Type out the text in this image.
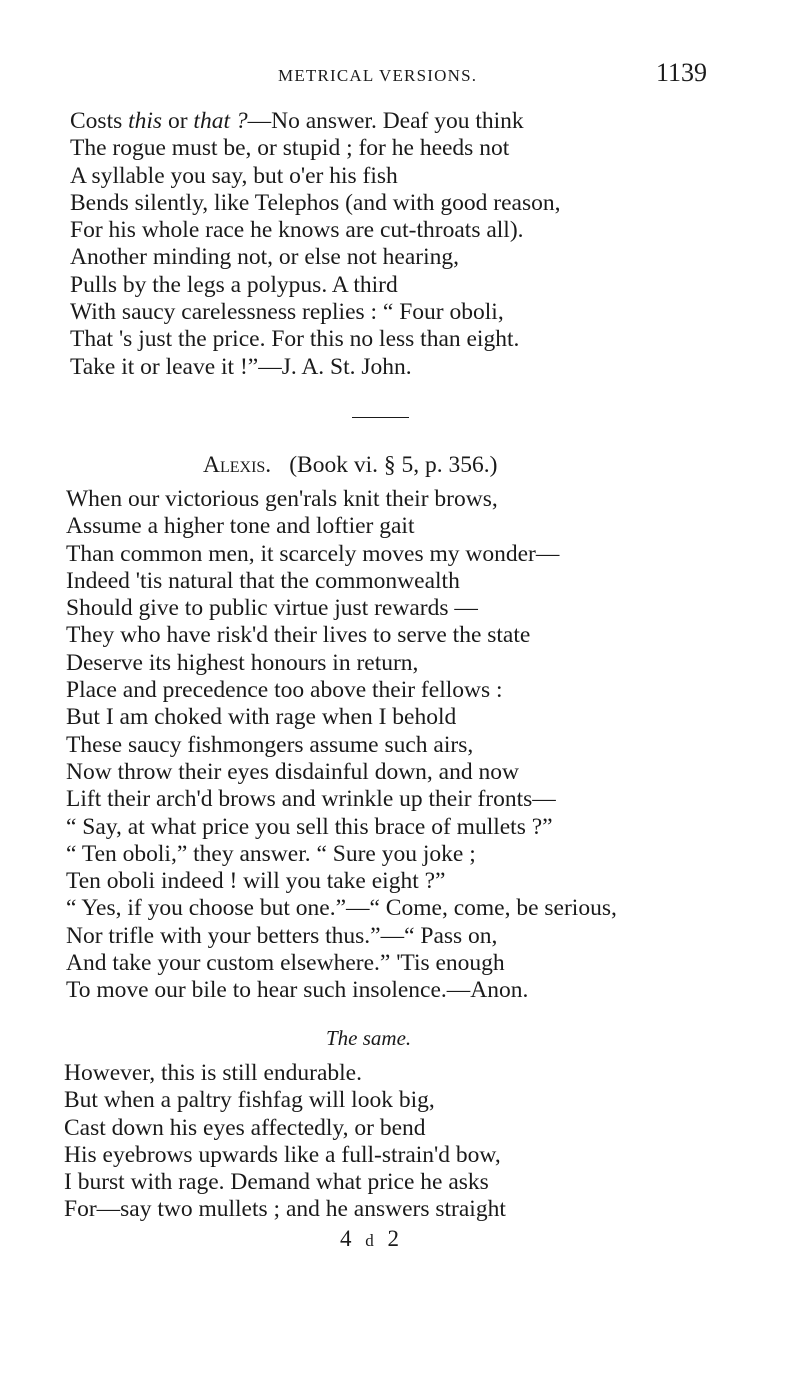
METRICAL VERSIONS.	1139
Costs this or that ?—No answer. Deaf you think
The rogue must be, or stupid ; for he heeds not
A syllable you say, but o'er his fish
Bends silently, like Telephos (and with good reason,
For his whole race he knows are cut-throats all).
Another minding not, or else not hearing,
Pulls by the legs a polypus. A third
With saucy carelessness replies : “ Four oboli,
That 's just the price. For this no less than eight.
Take it or leave it !”—J. A. St. John.
Alexis. (Book vi. § 5, p. 356.)
When our victorious gen'rals knit their brows,
Assume a higher tone and loftier gait
Than common men, it scarcely moves my wonder—
Indeed 'tis natural that the commonwealth
Should give to public virtue just rewards —
They who have risk'd their lives to serve the state
Deserve its highest honours in return,
Place and precedence too above their fellows :
But I am choked with rage when I behold
These saucy fishmongers assume such airs,
Now throw their eyes disdainful down, and now
Lift their arch'd brows and wrinkle up their fronts—
“ Say, at what price you sell this brace of mullets ?”
“ Ten oboli,” they answer. “ Sure you joke ;
Ten oboli indeed ! will you take eight ?”
“ Yes, if you choose but one.”—“ Come, come, be serious,
Nor trifle with your betters thus.”—“ Pass on,
And take your custom elsewhere.” 'Tis enough
To move our bile to hear such insolence.—Anon.
The same.
However, this is still endurable.
But when a paltry fishfag will look big,
Cast down his eyes affectedly, or bend
His eyebrows upwards like a full-strain'd bow,
I burst with rage. Demand what price he asks
For—say two mullets ; and he answers straight
4 d 2
